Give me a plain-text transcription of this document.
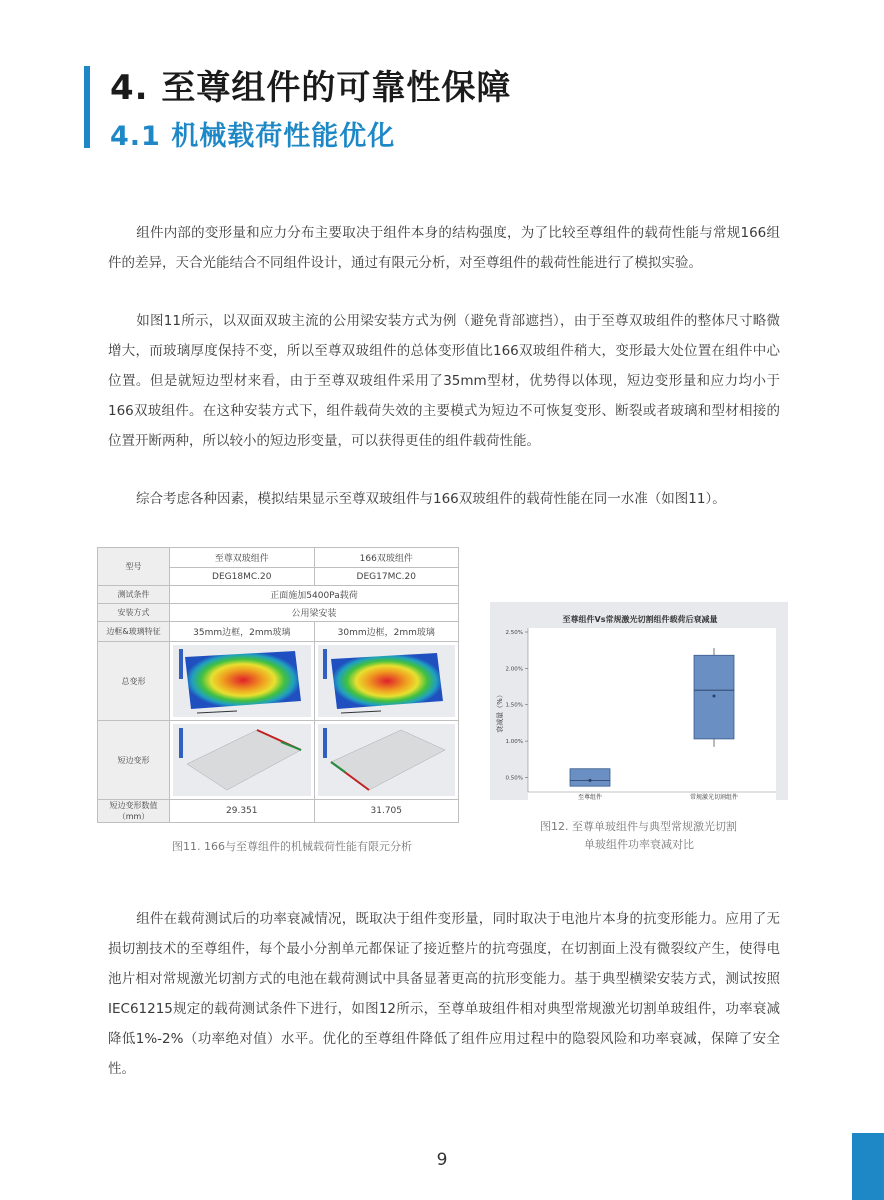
4. 至尊组件的可靠性保障
4.1 机械载荷性能优化

组件内部的变形量和应力分布主要取决于组件本身的结构强度，为了比较至尊组件的载荷性能与常规166组件的差异，天合光能结合不同组件设计，通过有限元分析，对至尊组件的载荷性能进行了模拟实验。

如图11所示，以双面双玻主流的公用梁安装方式为例（避免背部遮挡），由于至尊双玻组件的整体尺寸略微增大，而玻璃厚度保持不变，所以至尊双玻组件的总体变形值比166双玻组件稍大，变形最大处位置在组件中心位置。但是就短边型材来看，由于至尊双玻组件采用了35mm型材，优势得以体现，短边变形量和应力均小于166双玻组件。在这种安装方式下，组件载荷失效的主要模式为短边不可恢复变形、断裂或者玻璃和型材相接的位置开断两种，所以较小的短边形变量，可以获得更佳的组件载荷性能。

综合考虑各种因素，模拟结果显示至尊双玻组件与166双玻组件的载荷性能在同一水准（如图11）。

型号	至尊双玻组件	166双玻组件
	DEG18MC.20	DEG17MC.20
测试条件	正面施加5400Pa载荷	
安装方式	公用梁安装	
边框&玻璃特征	35mm边框，2mm玻璃	30mm边框，2mm玻璃
总变形	

短边变形	

短边变形数值（mm）	29.351	31.705
图11. 166与至尊组件的机械载荷性能有限元分析
至尊组件Vs常规激光切割组件载荷后衰减量
衰减量（%）
0.50%
1.00%
1.50%
2.00%
2.50%
至尊组件	常规激光切割组件
图12. 至尊单玻组件与典型常规激光切割
单玻组件功率衰减对比

组件在载荷测试后的功率衰减情况，既取决于组件变形量，同时取决于电池片本身的抗变形能力。应用了无损切割技术的至尊组件，每个最小分割单元都保证了接近整片的抗弯强度，在切割面上没有微裂纹产生，使得电池片相对常规激光切割方式的电池在载荷测试中具备显著更高的抗形变能力。基于典型横梁安装方式，测试按照IEC61215规定的载荷测试条件下进行，如图12所示，至尊单玻组件相对典型常规激光切割单玻组件，功率衰减降低1%-2%（功率绝对值）水平。优化的至尊组件降低了组件应用过程中的隐裂风险和功率衰减，保障了安全性。

9
